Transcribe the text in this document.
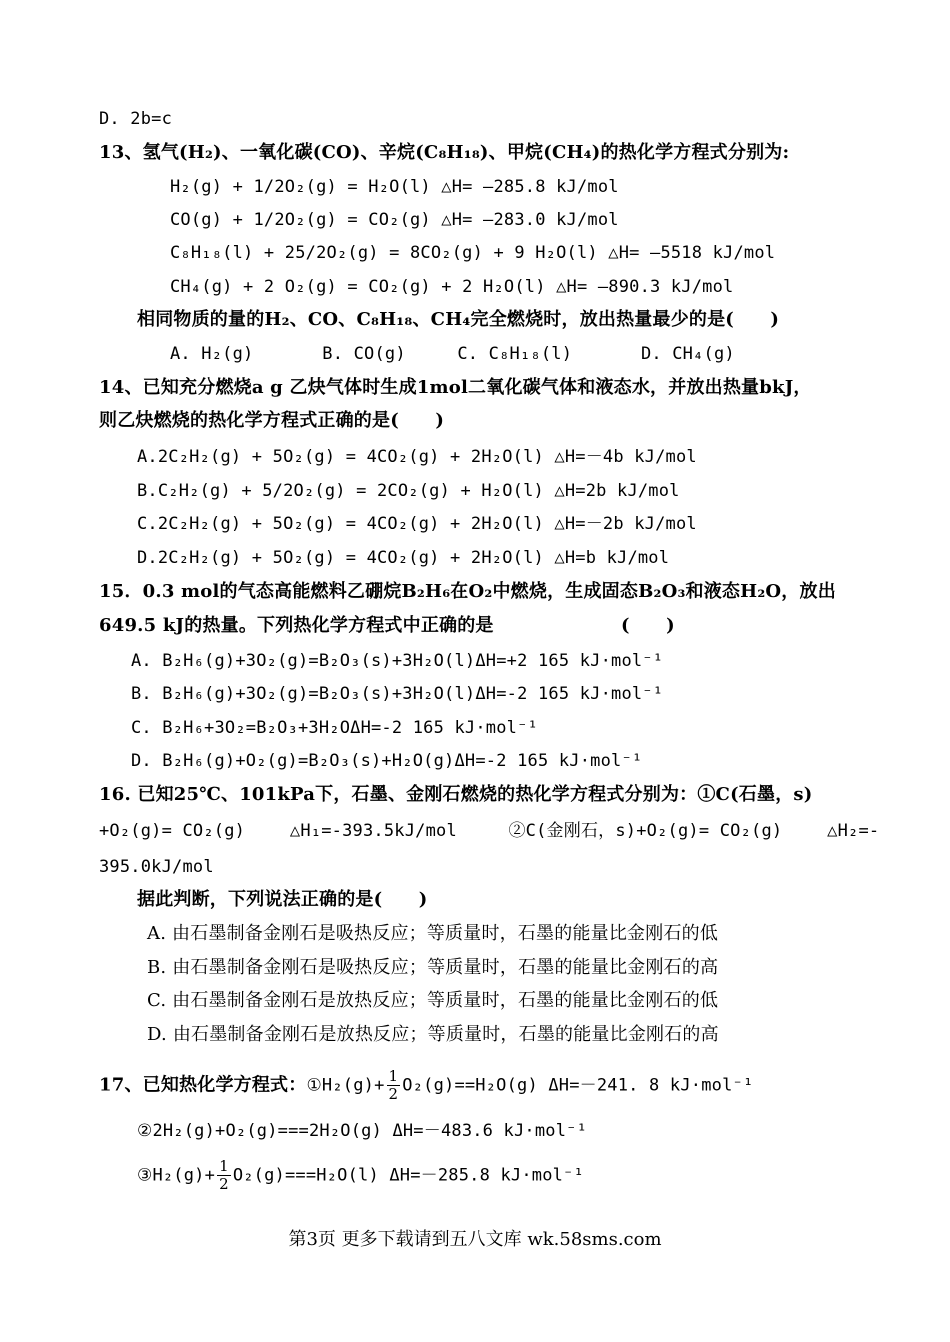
D. 2b=c
13、氢气(H₂)、一氧化碳(CO)、辛烷(C₈H₁₈)、甲烷(CH₄)的热化学方程式分别为:
H₂(g) + 1/2O₂(g) = H₂O(l) △H= —285.8 kJ/mol
CO(g) + 1/2O₂(g) = CO₂(g) △H= —283.0 kJ/mol
C₈H₁₈(l) + 25/2O₂(g) = 8CO₂(g) + 9 H₂O(l) △H= —5518 kJ/mol
CH₄(g) + 2 O₂(g) = CO₂(g) + 2 H₂O(l) △H= —890.3 kJ/mol
相同物质的量的H₂、CO、C₈H₁₈、CH₄完全燃烧时，放出热量最少的是(　　)
A. H₂(g)　　　　B. CO(g)　　　C. C₈H₁₈(l)　　　　D. CH₄(g)
14、已知充分燃烧a g 乙炔气体时生成1mol二氧化碳气体和液态水，并放出热量bkJ，
则乙炔燃烧的热化学方程式正确的是(　　)
A.2C₂H₂(g) + 5O₂(g) = 4CO₂(g) + 2H₂O(l) △H=－4b kJ/mol
B.C₂H₂(g) + 5/2O₂(g) = 2CO₂(g) + H₂O(l) △H=2b kJ/mol
C.2C₂H₂(g) + 5O₂(g) = 4CO₂(g) + 2H₂O(l) △H=－2b kJ/mol
D.2C₂H₂(g) + 5O₂(g) = 4CO₂(g) + 2H₂O(l) △H=b kJ/mol
15．0.3 mol的气态高能燃料乙硼烷B₂H₆在O₂中燃烧，生成固态B₂O₃和液态H₂O，放出
649.5 kJ的热量。下列热化学方程式中正确的是　　　　　　　(　　)
A. B₂H₆(g)+3O₂(g)=B₂O₃(s)+3H₂O(l)ΔH=+2 165 kJ·mol⁻¹
B. B₂H₆(g)+3O₂(g)=B₂O₃(s)+3H₂O(l)ΔH=-2 165 kJ·mol⁻¹
C. B₂H₆+3O₂=B₂O₃+3H₂OΔH=-2 165 kJ·mol⁻¹
D. B₂H₆(g)+O₂(g)=B₂O₃(s)+H₂O(g)ΔH=-2 165 kJ·mol⁻¹
16. 已知25℃、101kPa下，石墨、金刚石燃烧的热化学方程式分别为：①C(石墨，s)
+O₂(g)= CO₂(g)　　 △H₁=-393.5kJ/mol　　　②C(金刚石，s)+O₂(g)= CO₂(g)　　 △H₂=-
395.0kJ/mol
据此判断，下列说法正确的是(　　)
A. 由石墨制备金刚石是吸热反应；等质量时，石墨的能量比金刚石的低
B. 由石墨制备金刚石是吸热反应；等质量时，石墨的能量比金刚石的高
C. 由石墨制备金刚石是放热反应；等质量时，石墨的能量比金刚石的低
D. 由石墨制备金刚石是放热反应；等质量时，石墨的能量比金刚石的高
17、已知热化学方程式：①H₂(g)+ $\frac{1}{2} O_2(g)==H_2O(g)$ ΔH=－241. 8 kJ·mol⁻¹
②2H₂(g)+O₂(g)===2H₂O(g) ΔH=－483.6 kJ·mol⁻¹
③H₂(g)+ $\frac{1}{2} O_2(g)===H_2O(l)$ ΔH=－285.8 kJ·mol⁻¹
第3页 更多下载请到五八文库 wk.58sms.com
